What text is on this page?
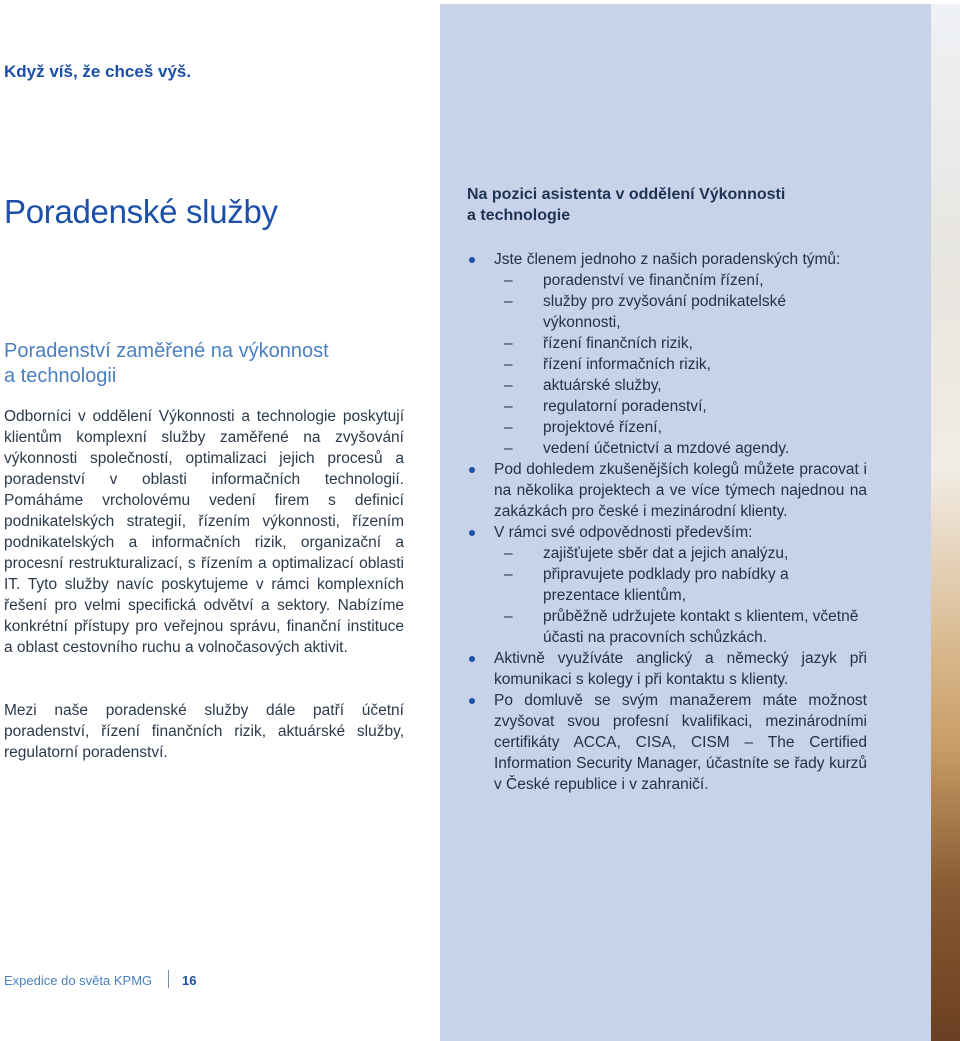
Když víš, že chceš výš.
Poradenské služby
Poradenství zaměřené na výkonnost
a technologii

Odborníci v oddělení Výkonnosti a technologie poskytují klientům komplexní služby zaměřené na zvyšování výkonnosti společností, optimalizaci jejich procesů a poradenství v oblasti informačních technologií. Pomáháme vrcholovému vedení firem s definicí podnikatelských strategií, řízením výkonnosti, řízením podnikatelských a informačních rizik, organizační a procesní restrukturalizací, s řízením a optimalizací oblasti IT. Tyto služby navíc poskytujeme v rámci komplexních řešení pro velmi specifická odvětví a sektory. Nabízíme konkrétní přístupy pro veřejnou správu, finanční instituce a oblast cestovního ruchu a volnočasových aktivit.

Mezi naše poradenské služby dále patří účetní poradenství, řízení finančních rizik, aktuárské služby, regulatorní poradenství.

Na pozici asistenta v oddělení Výkonnosti
a technologie
Jste členem jednoho z našich poradenských týmů:
– poradenství ve finančním řízení,
– služby pro zvyšování podnikatelské výkonnosti,
– řízení finančních rizik,
– řízení informačních rizik,
– aktuárské služby,
– regulatorní poradenství,
– projektové řízení,
– vedení účetnictví a mzdové agendy.
Pod dohledem zkušenějších kolegů můžete pracovat i na několika projektech a ve více týmech najednou na zakázkách pro české i mezinárodní klienty.
V rámci své odpovědnosti především:
– zajišťujete sběr dat a jejich analýzu,
– připravujete podklady pro nabídky a prezentace klientům,
– průběžně udržujete kontakt s klientem, včetně účasti na pracovních schůzkách.
Aktivně využíváte anglický a německý jazyk při komunikaci s kolegy i při kontaktu s klienty.
Po domluvě se svým manažerem máte možnost zvyšovat svou profesní kvalifikaci, mezinárodními certifikáty ACCA, CISA, CISM – The Certified Information Security Manager, účastníte se řady kurzů v České republice i v zahraničí.
Expedice do světa KPMG 16
